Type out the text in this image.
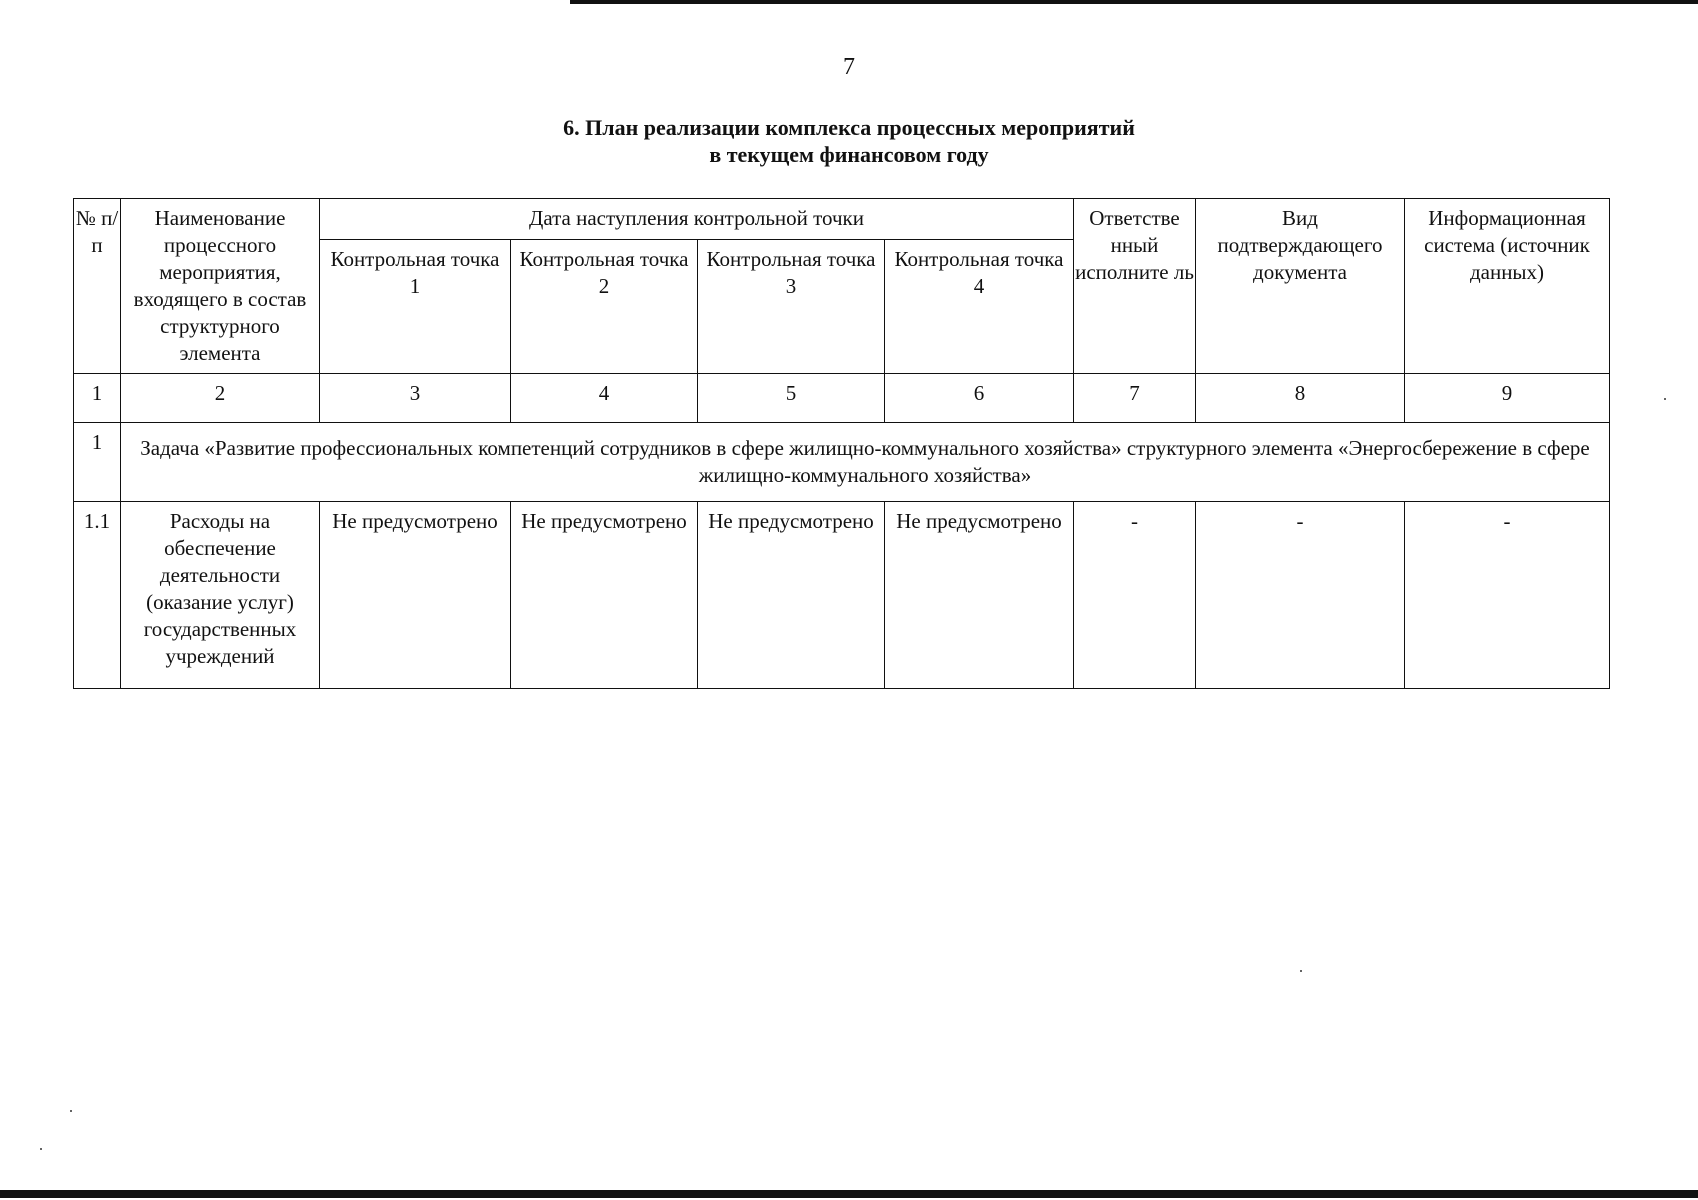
7
6. План реализации комплекса процессных мероприятий
в текущем финансовом году
№ п/п	Наименование процессного мероприятия, входящего в состав структурного элемента	Дата наступления контрольной точки				Ответстве нный исполните ль	Вид подтверждающего документа	Информационная система (источник данных)
		Контрольная точка 1	Контрольная точка 2	Контрольная точка 3	Контрольная точка 4			
1	2	3	4	5	6	7	8	9
1	Задача «Развитие профессиональных компетенций сотрудников в сфере жилищно-коммунального хозяйства» структурного элемента «Энергосбережение в сфере жилищно-коммунального хозяйства»							
1.1	Расходы на обеспечение деятельности (оказание услуг) государственных учреждений	Не предусмотрено	Не предусмотрено	Не предусмотрено	Не предусмотрено	-	-	-
